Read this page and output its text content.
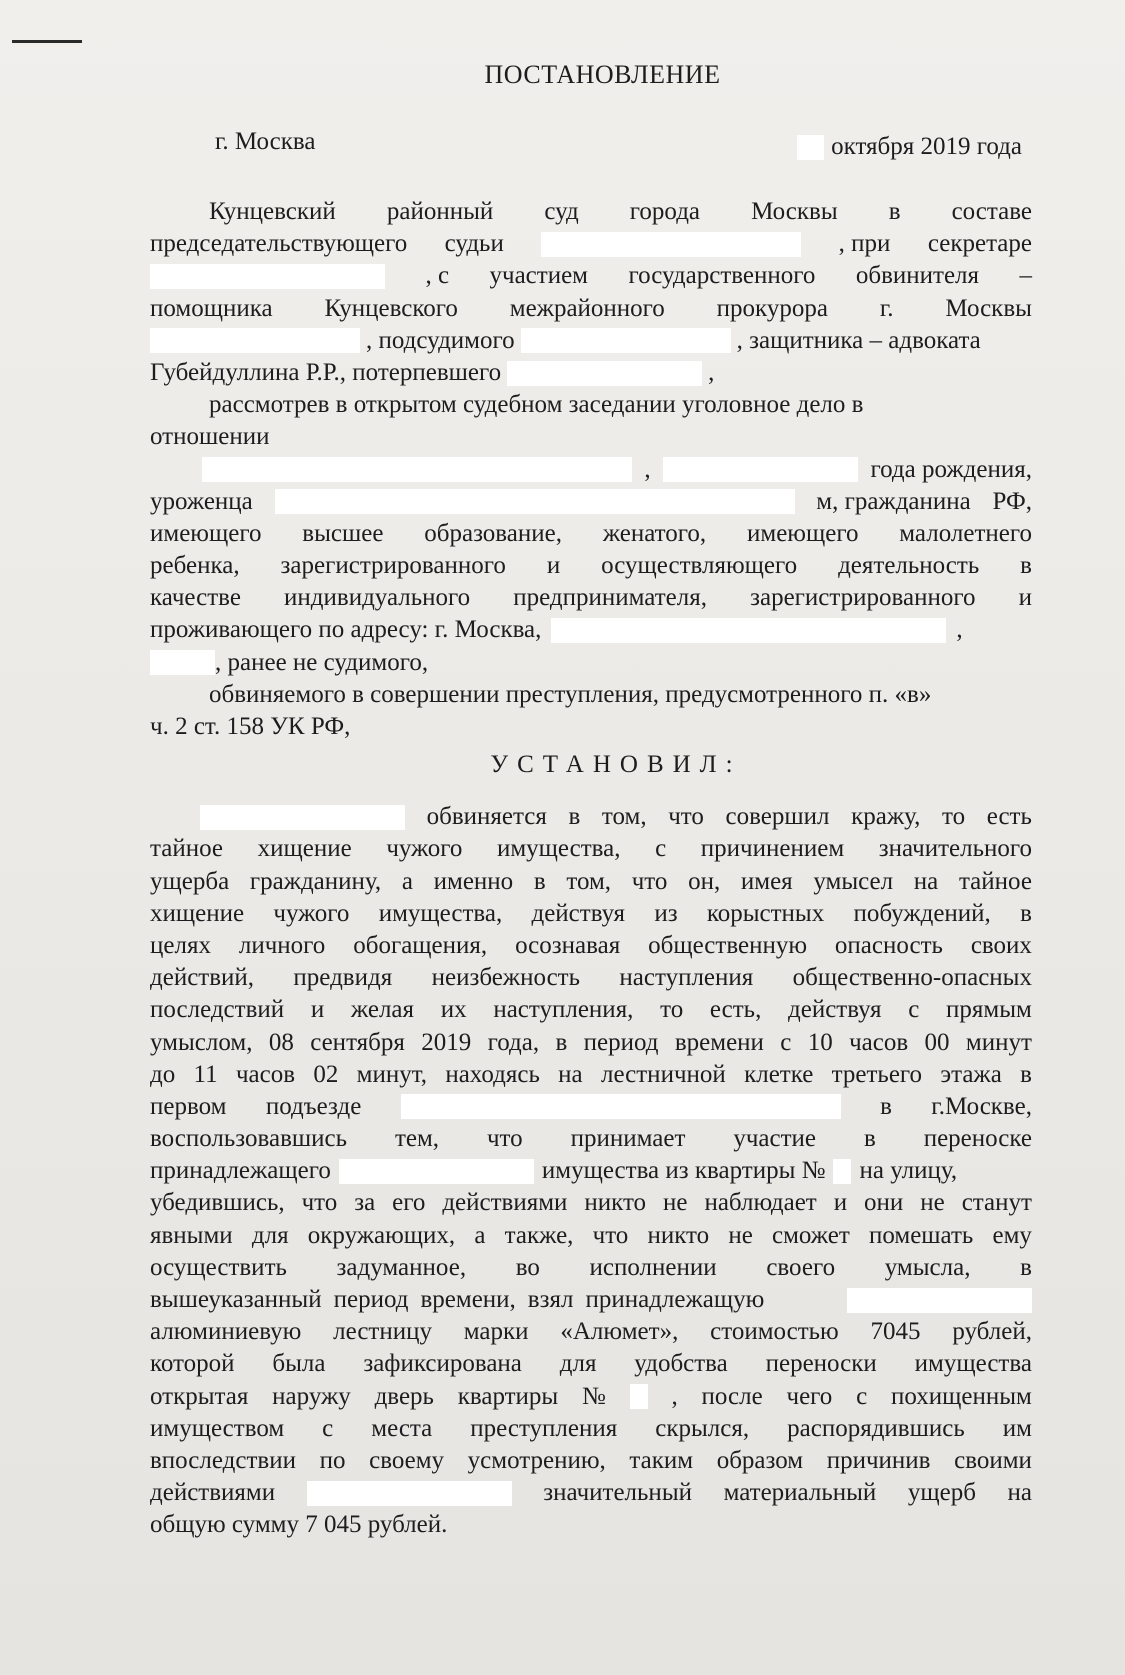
ПОСТАНОВЛЕНИЕ
г. Москва	октября 2019 года
Кунцевский районный суд города Москвы в составе
председательствующего судьи	, при секретаре
, с участием государственного обвинителя –
помощника Кунцевского межрайонного прокурора г. Москвы
, подсудимого	, защитника – адвоката
Губейдуллина Р.Р., потерпевшего	,
рассмотрев в открытом судебном заседании уголовное дело в
отношении
,	года рождения,
уроженца	м, гражданина РФ,
имеющего высшее образование, женатого, имеющего малолетнего
ребенка, зарегистрированного и осуществляющего деятельность в
качестве индивидуального предпринимателя, зарегистрированного и
проживающего по адресу: г. Москва,	,
, ранее не судимого,
обвиняемого в совершении преступления, предусмотренного п. «в»
ч. 2 ст. 158 УК РФ,
УСТАНОВИЛ:
обвиняется в том, что совершил кражу, то есть
тайное хищение чужого имущества, с причинением значительного
ущерба гражданину, а именно в том, что он, имея умысел на тайное
хищение чужого имущества, действуя из корыстных побуждений, в
целях личного обогащения, осознавая общественную опасность своих
действий, предвидя неизбежность наступления общественно-опасных
последствий и желая их наступления, то есть, действуя с прямым
умыслом, 08 сентября 2019 года, в период времени с 10 часов 00 минут
до 11 часов 02 минут, находясь на лестничной клетке третьего этажа в
первом подъезде	в г.Москве,
воспользовавшись тем, что принимает участие в переноске
принадлежащего	имущества из квартиры № на улицу,
убедившись, что за его действиями никто не наблюдает и они не станут
явными для окружающих, а также, что никто не сможет помешать ему
осуществить задуманное, во исполнении своего умысла, в
вышеуказанный период времени, взял принадлежащую
алюминиевую лестницу марки «Алюмет», стоимостью 7045 рублей,
которой была зафиксирована для удобства переноски имущества
открытая наружу дверь квартиры №	, после чего с похищенным
имуществом с места преступления скрылся, распорядившись им
впоследствии по своему усмотрению, таким образом причинив своими
действиями	значительный материальный ущерб на
общую сумму 7 045 рублей.
